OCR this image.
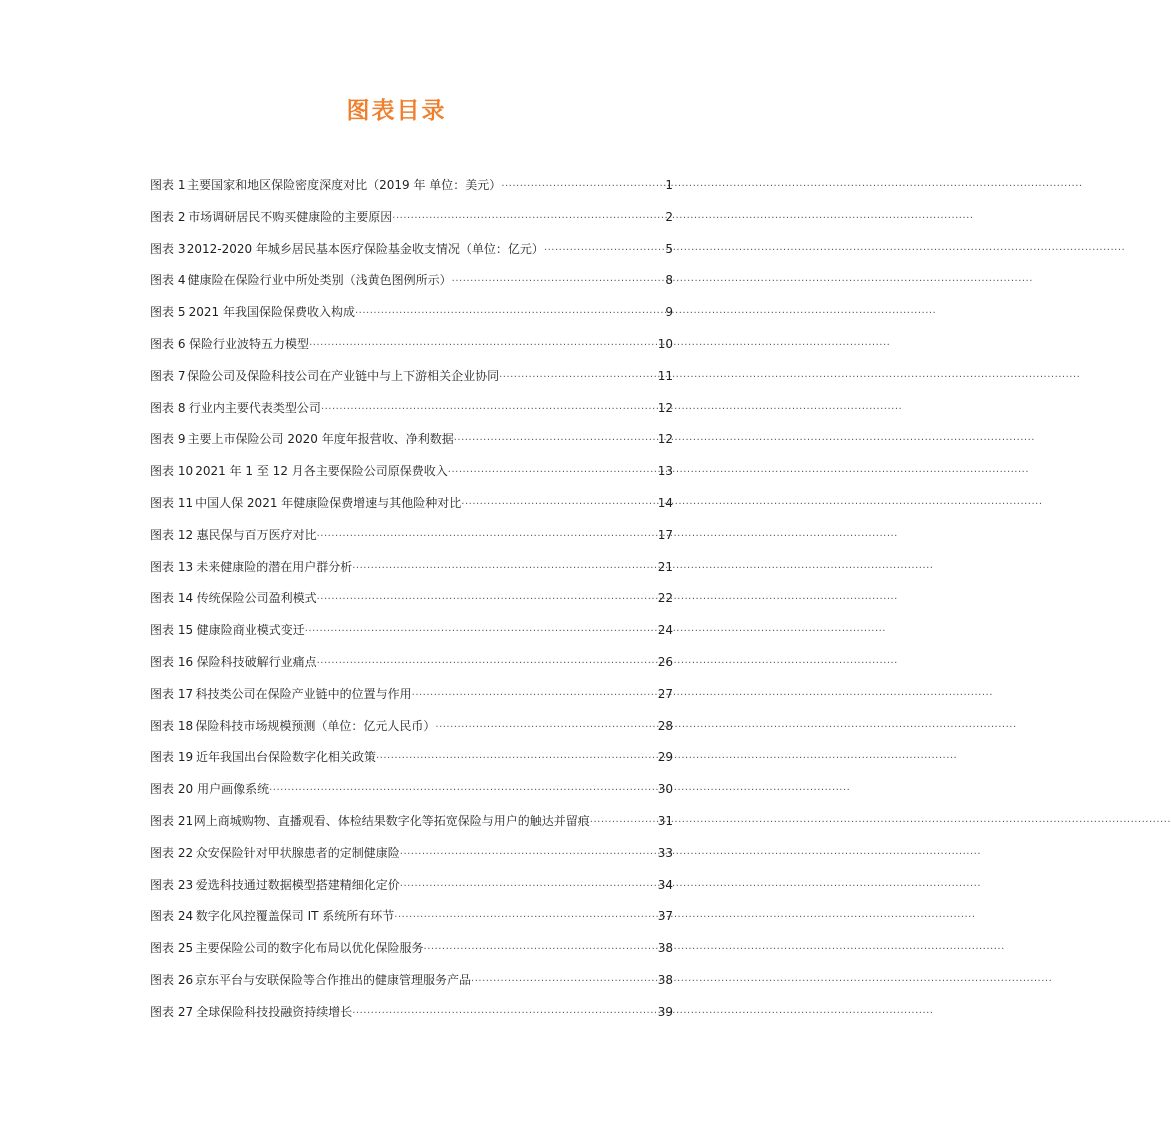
图表目录
图表 1 主要国家和地区保险密度深度对比（2019 年 单位：美元） ·····	1
图表 2 市场调研居民不购买健康险的主要原因 ·····	2
图表 3 2012-2020 年城乡居民基本医疗保险基金收支情况（单位：亿元） ·····	5
图表 4 健康险在保险行业中所处类别（浅黄色图例所示） ·····	8
图表 5 2021 年我国保险保费收入构成 ·····	9
图表 6 保险行业波特五力模型 ·····	10
图表 7 保险公司及保险科技公司在产业链中与上下游相关企业协同 ·····	11
图表 8 行业内主要代表类型公司 ·····	12
图表 9 主要上市保险公司 2020 年度年报营收、净利数据 ·····	12
图表 10 2021 年 1 至 12 月各主要保险公司原保费收入 ·····	13
图表 11 中国人保 2021 年健康险保费增速与其他险种对比 ·····	14
图表 12 惠民保与百万医疗对比 ·····	17
图表 13 未来健康险的潜在用户群分析 ·····	21
图表 14 传统保险公司盈利模式 ·····	22
图表 15 健康险商业模式变迁 ·····	24
图表 16 保险科技破解行业痛点 ·····	26
图表 17 科技类公司在保险产业链中的位置与作用 ·····	27
图表 18 保险科技市场规模预测（单位：亿元人民币） ·····	28
图表 19 近年我国出台保险数字化相关政策 ·····	29
图表 20 用户画像系统 ·····	30
图表 21 网上商城购物、直播观看、体检结果数字化等拓宽保险与用户的触达并留痕 ·····	31
图表 22 众安保险针对甲状腺患者的定制健康险 ·····	33
图表 23 爱选科技通过数据模型搭建精细化定价 ·····	34
图表 24 数字化风控覆盖保司 IT 系统所有环节 ·····	37
图表 25 主要保险公司的数字化布局以优化保险服务 ·····	38
图表 26 京东平台与安联保险等合作推出的健康管理服务产品 ·····	38
图表 27 全球保险科技投融资持续增长 ·····	39
